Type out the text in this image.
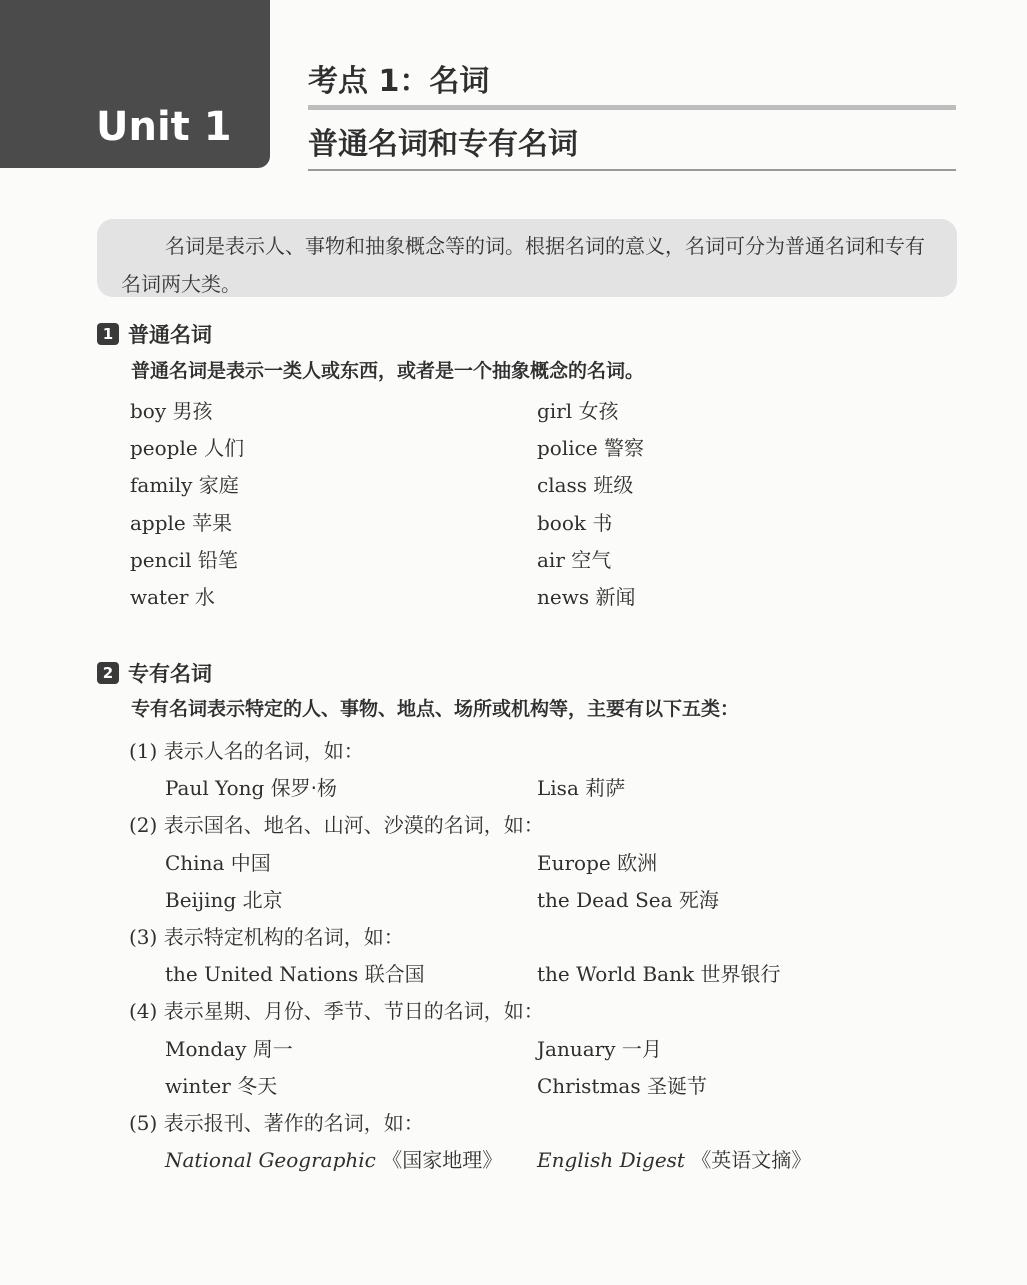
Unit 1
考点 1：名词
普通名词和专有名词
名词是表示人、事物和抽象概念等的词。根据名词的意义，名词可分为普通名词和专有名词两大类。
1 普通名词
普通名词是表示一类人或东西，或者是一个抽象概念的名词。
boy 男孩	girl 女孩
people 人们	police 警察
family 家庭	class 班级
apple 苹果	book 书
pencil 铅笔	air 空气
water 水	news 新闻
2 专有名词
专有名词表示特定的人、事物、地点、场所或机构等，主要有以下五类：
(1) 表示人名的名词，如：
Paul Yong 保罗·杨	Lisa 莉萨
(2) 表示国名、地名、山河、沙漠的名词，如：
China 中国	Europe 欧洲
Beijing 北京	the Dead Sea 死海
(3) 表示特定机构的名词，如：
the United Nations 联合国	the World Bank 世界银行
(4) 表示星期、月份、季节、节日的名词，如：
Monday 周一	January 一月
winter 冬天	Christmas 圣诞节
(5) 表示报刊、著作的名词，如：
National Geographic 《国家地理》 English Digest 《英语文摘》
